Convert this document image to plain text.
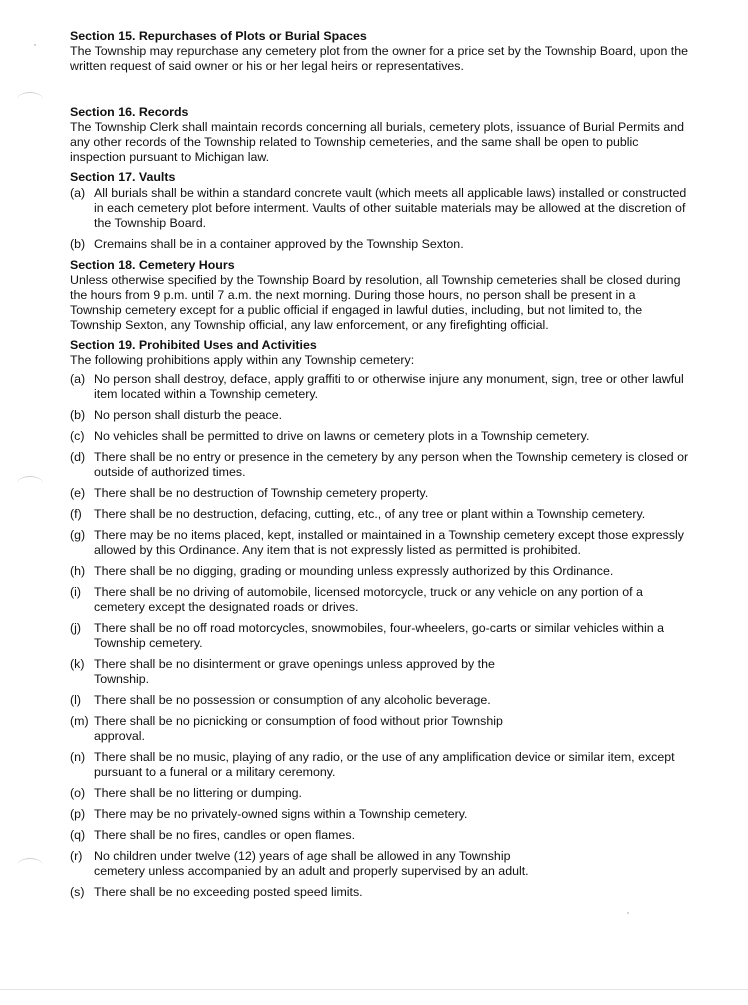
Section 15. Repurchases of Plots or Burial Spaces

The Township may repurchase any cemetery plot from the owner for a price set by the Township Board, upon the written request of said owner or his or her legal heirs or representatives.

Section 16. Records

The Township Clerk shall maintain records concerning all burials, cemetery plots, issuance of Burial Permits and any other records of the Township related to Township cemeteries, and the same shall be open to public inspection pursuant to Michigan law.

Section 17. Vaults
(a) All burials shall be within a standard concrete vault (which meets all applicable laws) installed or constructed in each cemetery plot before interment. Vaults of other suitable materials may be allowed at the discretion of the Township Board.
(b) Cremains shall be in a container approved by the Township Sexton.
Section 18. Cemetery Hours

Unless otherwise specified by the Township Board by resolution, all Township cemeteries shall be closed during the hours from 9 p.m. until 7 a.m. the next morning. During those hours, no person shall be present in a Township cemetery except for a public official if engaged in lawful duties, including, but not limited to, the Township Sexton, any Township official, any law enforcement, or any firefighting official.

Section 19. Prohibited Uses and Activities

The following prohibitions apply within any Township cemetery:

(a) No person shall destroy, deface, apply graffiti to or otherwise injure any monument, sign, tree or other lawful item located within a Township cemetery.
(b) No person shall disturb the peace.
(c) No vehicles shall be permitted to drive on lawns or cemetery plots in a Township cemetery.
(d) There shall be no entry or presence in the cemetery by any person when the Township cemetery is closed or outside of authorized times.
(e) There shall be no destruction of Township cemetery property.
(f) There shall be no destruction, defacing, cutting, etc., of any tree or plant within a Township cemetery.
(g) There may be no items placed, kept, installed or maintained in a Township cemetery except those expressly allowed by this Ordinance. Any item that is not expressly listed as permitted is prohibited.
(h) There shall be no digging, grading or mounding unless expressly authorized by this Ordinance.
(i)	There shall be no driving of automobile, licensed motorcycle, truck or any vehicle on any portion of a cemetery except the designated roads or drives.
(j)	There shall be no off road motorcycles, snowmobiles, four-wheelers, go-carts or similar vehicles within a Township cemetery.
(k) There shall be no disinterment or grave openings unless approved by the Township.
(l)	There shall be no possession or consumption of any alcoholic beverage.
(m) There shall be no picnicking or consumption of food without prior Township approval.
(n) There shall be no music, playing of any radio, or the use of any amplification device or similar item, except pursuant to a funeral or a military ceremony.
(o) There shall be no littering or dumping.
(p) There may be no privately-owned signs within a Township cemetery.
(q) There shall be no fires, candles or open flames.
(r) No children under twelve (12) years of age shall be allowed in any Township cemetery unless accompanied by an adult and properly supervised by an adult.
(s) There shall be no exceeding posted speed limits.
